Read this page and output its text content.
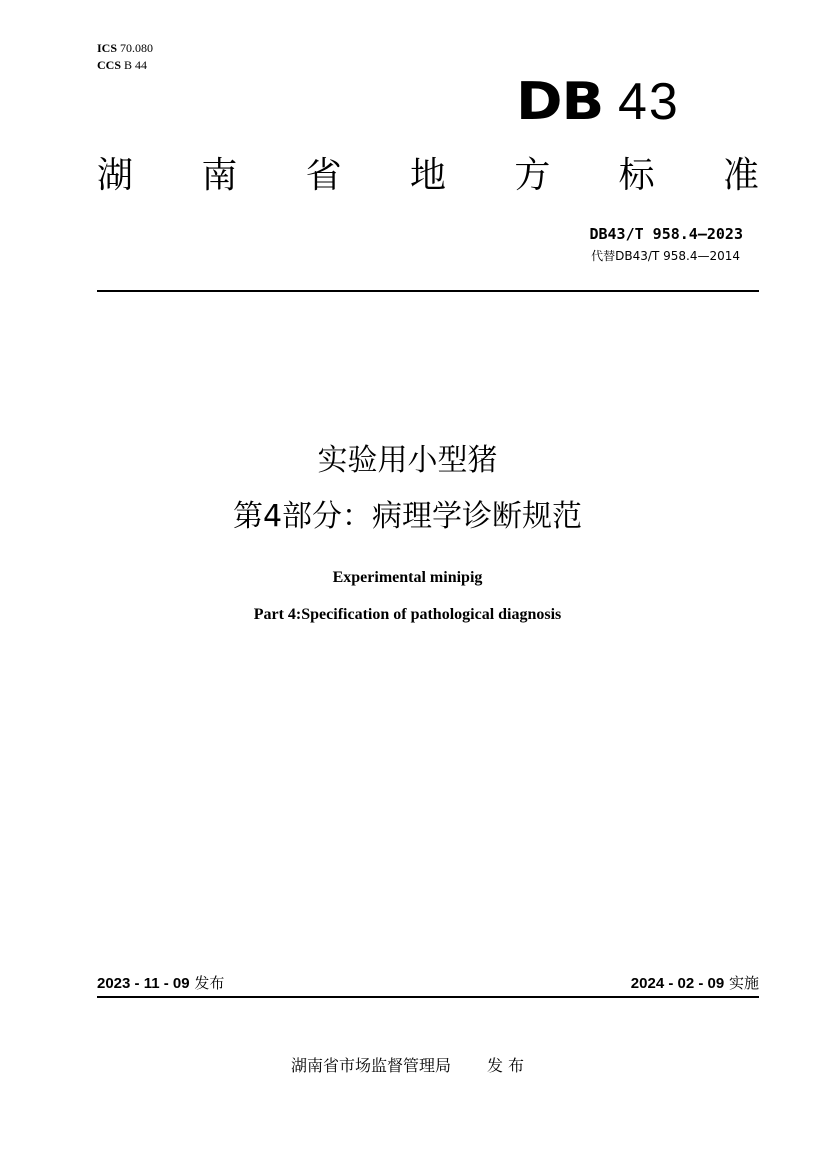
ICS 70.080
CCS B 44
DB 43
湖 南 省 地 方 标 准
DB43/T 958.4—2023
代替DB43/T 958.4—2014
实验用小型猪
第4部分：病理学诊断规范
Experimental minipig
Part 4:Specification of pathological diagnosis
2023 - 11 - 09 发布	2024 - 02 - 09 实施
湖南省市场监督管理局 发 布
